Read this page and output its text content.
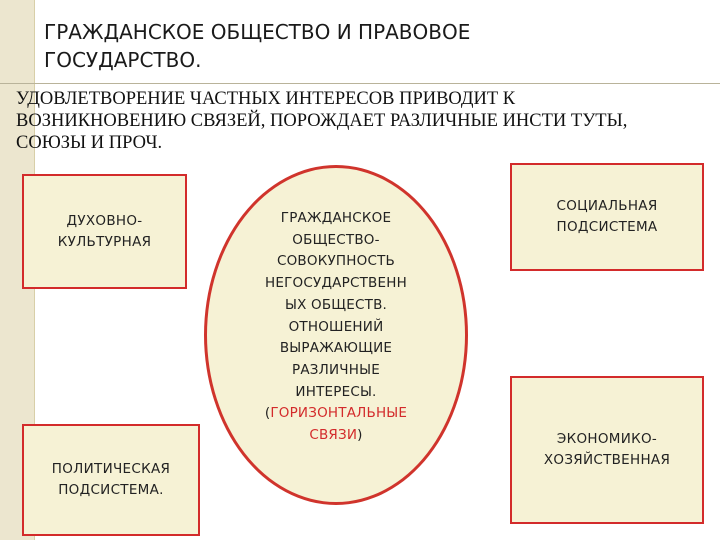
ГРАЖДАНСКОЕ ОБЩЕСТВО И ПРАВОВОЕ
ГОСУДАРСТВО.
УДОВЛЕТВОРЕНИЕ ЧАСТНЫХ ИНТЕРЕСОВ ПРИВОДИТ К
ВОЗНИКНОВЕНИЮ СВЯЗЕЙ, ПОРОЖДАЕТ РАЗЛИЧНЫЕ ИНСТИ ТУТЫ,
СОЮЗЫ И ПРОЧ.
ДУХОВНО-
КУЛЬТУРНАЯ
ПОЛИТИЧЕСКАЯ
ПОДСИСТЕМА.
СОЦИАЛЬНАЯ
ПОДСИСТЕМА
ЭКОНОМИКО-
ХОЗЯЙСТВЕННАЯ
ГРАЖДАНСКОЕ
ОБЩЕСТВО-
СОВОКУПНОСТЬ
НЕГОСУДАРСТВЕНН
ЫХ ОБЩЕСТВ.
ОТНОШЕНИЙ
ВЫРАЖАЮЩИЕ
РАЗЛИЧНЫЕ
ИНТЕРЕСЫ.
(ГОРИЗОНТАЛЬНЫЕ
СВЯЗИ)
